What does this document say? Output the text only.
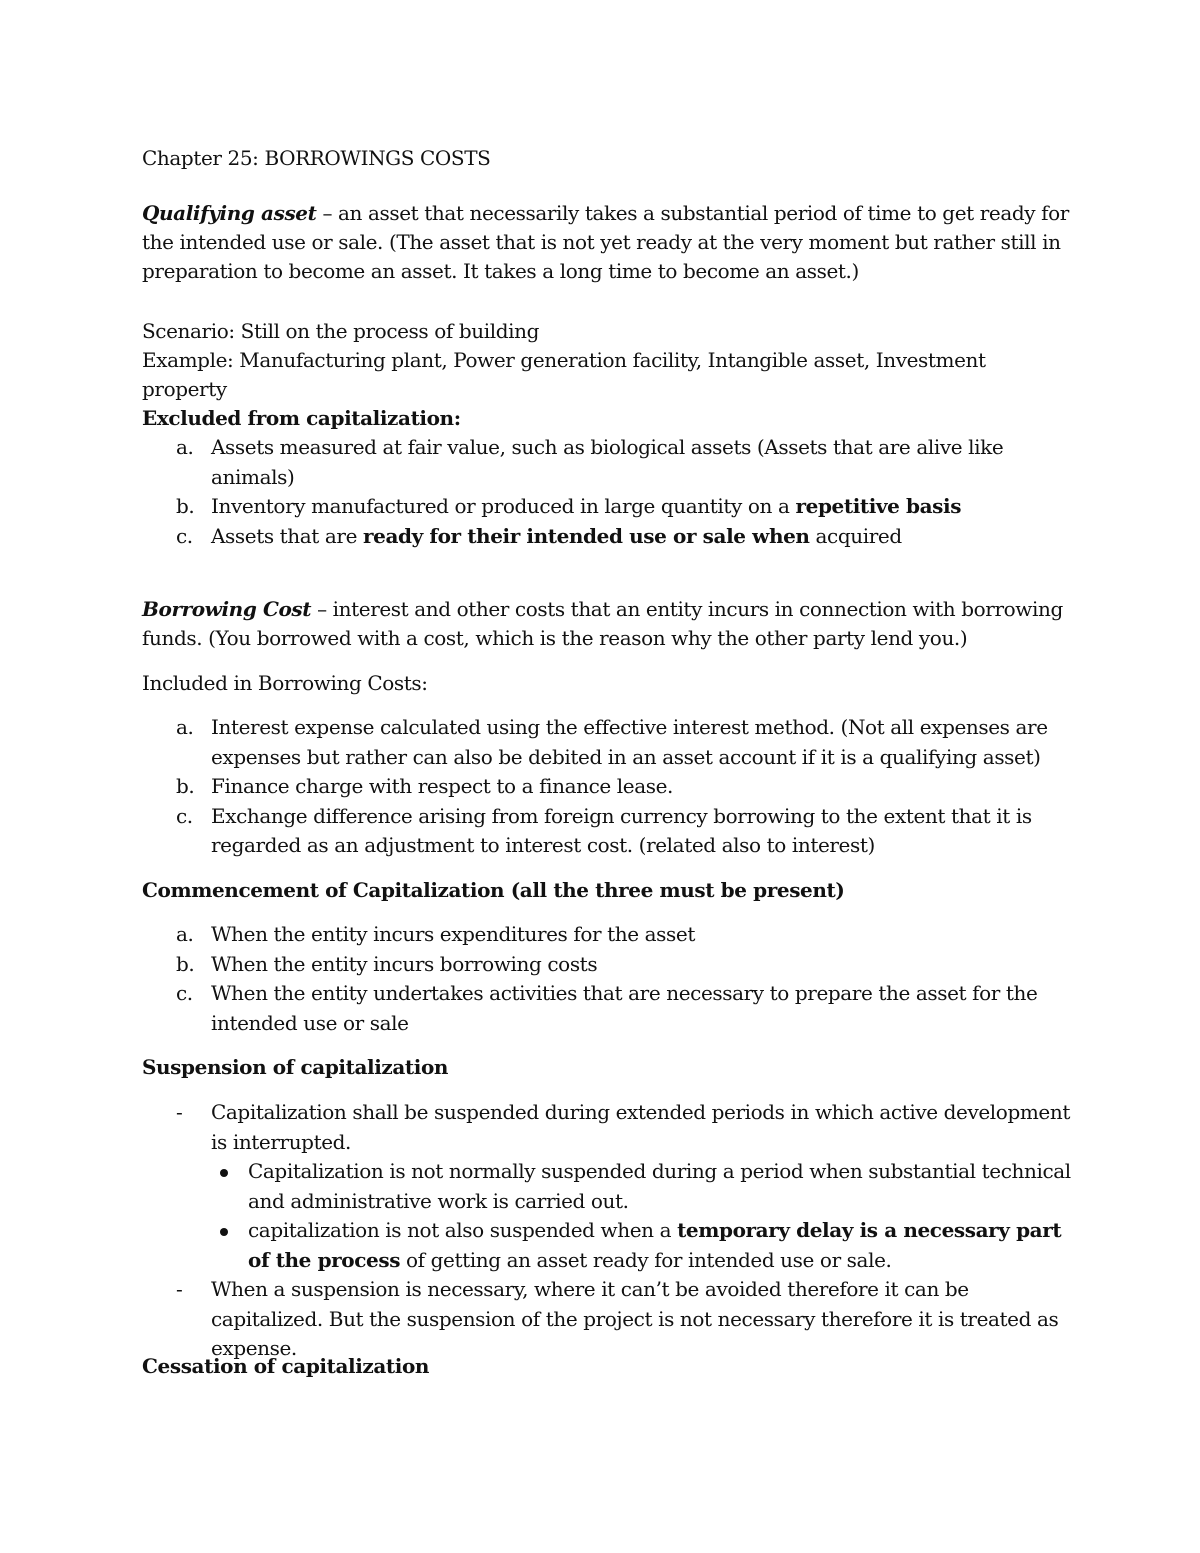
Chapter 25: BORROWINGS COSTS

Qualifying asset – an asset that necessarily takes a substantial period of time to get ready for the intended use or sale. (The asset that is not yet ready at the very moment but rather still in preparation to become an asset. It takes a long time to become an asset.)

Scenario: Still on the process of building

Example: Manufacturing plant, Power generation facility, Intangible asset, Investment property

Excluded from capitalization:

a. Assets measured at fair value, such as biological assets (Assets that are alive like animals)
b. Inventory manufactured or produced in large quantity on a repetitive basis
c. Assets that are ready for their intended use or sale when acquired

Borrowing Cost – interest and other costs that an entity incurs in connection with borrowing funds. (You borrowed with a cost, which is the reason why the other party lend you.)

Included in Borrowing Costs:

a. Interest expense calculated using the effective interest method. (Not all expenses are expenses but rather can also be debited in an asset account if it is a qualifying asset)
b. Finance charge with respect to a finance lease.
c. Exchange difference arising from foreign currency borrowing to the extent that it is regarded as an adjustment to interest cost. (related also to interest)

Commencement of Capitalization (all the three must be present)

a. When the entity incurs expenditures for the asset
b. When the entity incurs borrowing costs
c. When the entity undertakes activities that are necessary to prepare the asset for the intended use or sale

Suspension of capitalization

- Capitalization shall be suspended during extended periods in which active development is interrupted.
Capitalization is not normally suspended during a period when substantial technical and administrative work is carried out.
capitalization is not also suspended when a temporary delay is a necessary part of the process of getting an asset ready for intended use or sale.
- When a suspension is necessary, where it can’t be avoided therefore it can be capitalized. But the suspension of the project is not necessary therefore it is treated as expense.

Cessation of capitalization
